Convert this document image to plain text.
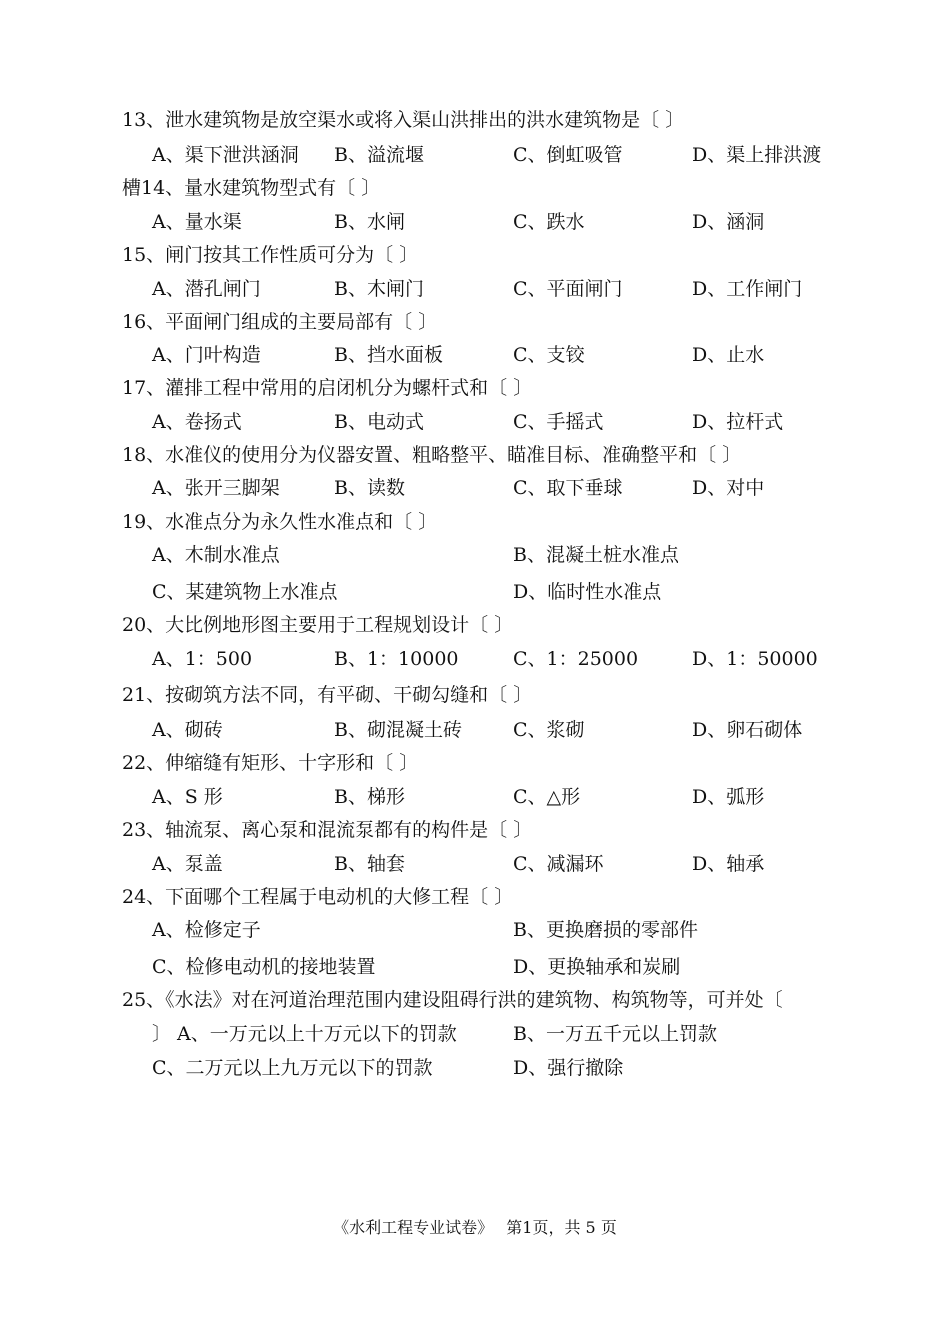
13、泄水建筑物是放空渠水或将入渠山洪排出的洪水建筑物是〔 〕
A、渠下泄洪涵洞 B、溢流堰	C、倒虹吸管	D、渠上排洪渡
槽14、量水建筑物型式有〔 〕
A、量水渠	B、水闸	C、跌水	D、涵洞
15、闸门按其工作性质可分为〔 〕
A、潜孔闸门	B、木闸门	C、平面闸门	D、工作闸门
16、平面闸门组成的主要局部有〔 〕
A、门叶构造	B、挡水面板	C、支铰	D、止水
17、灌排工程中常用的启闭机分为螺杆式和〔 〕
A、卷扬式	B、电动式	C、手摇式	D、拉杆式
18、水准仪的使用分为仪器安置、粗略整平、瞄准目标、准确整平和〔 〕
A、张开三脚架	B、读数	C、取下垂球	D、对中
19、水准点分为永久性水准点和〔 〕
A、木制水准点	B、混凝土桩水准点
C、某建筑物上水准点	D、临时性水准点
20、大比例地形图主要用于工程规划设计〔 〕
A、1：500	B、1：10000	C、1：25000	D、1：50000
21、按砌筑方法不同，有平砌、干砌勾缝和〔 〕
A、砌砖	B、砌混凝土砖	C、浆砌	D、卵石砌体
22、伸缩缝有矩形、十字形和〔 〕
A、S 形	B、梯形	C、△形	D、弧形
23、轴流泵、离心泵和混流泵都有的构件是〔 〕
A、泵盖	B、轴套	C、减漏环	D、轴承
24、下面哪个工程属于电动机的大修工程〔 〕
A、检修定子	B、更换磨损的零部件
C、检修电动机的接地装置	D、更换轴承和炭刷
25、《水法》对在河道治理范围内建设阻碍行洪的建筑物、构筑物等，可并处〔
〕 A、一万元以上十万元以下的罚款	B、一万五千元以上罚款
C、二万元以上九万元以下的罚款	D、强行撤除
《水利工程专业试卷》 第1页，共 5 页
